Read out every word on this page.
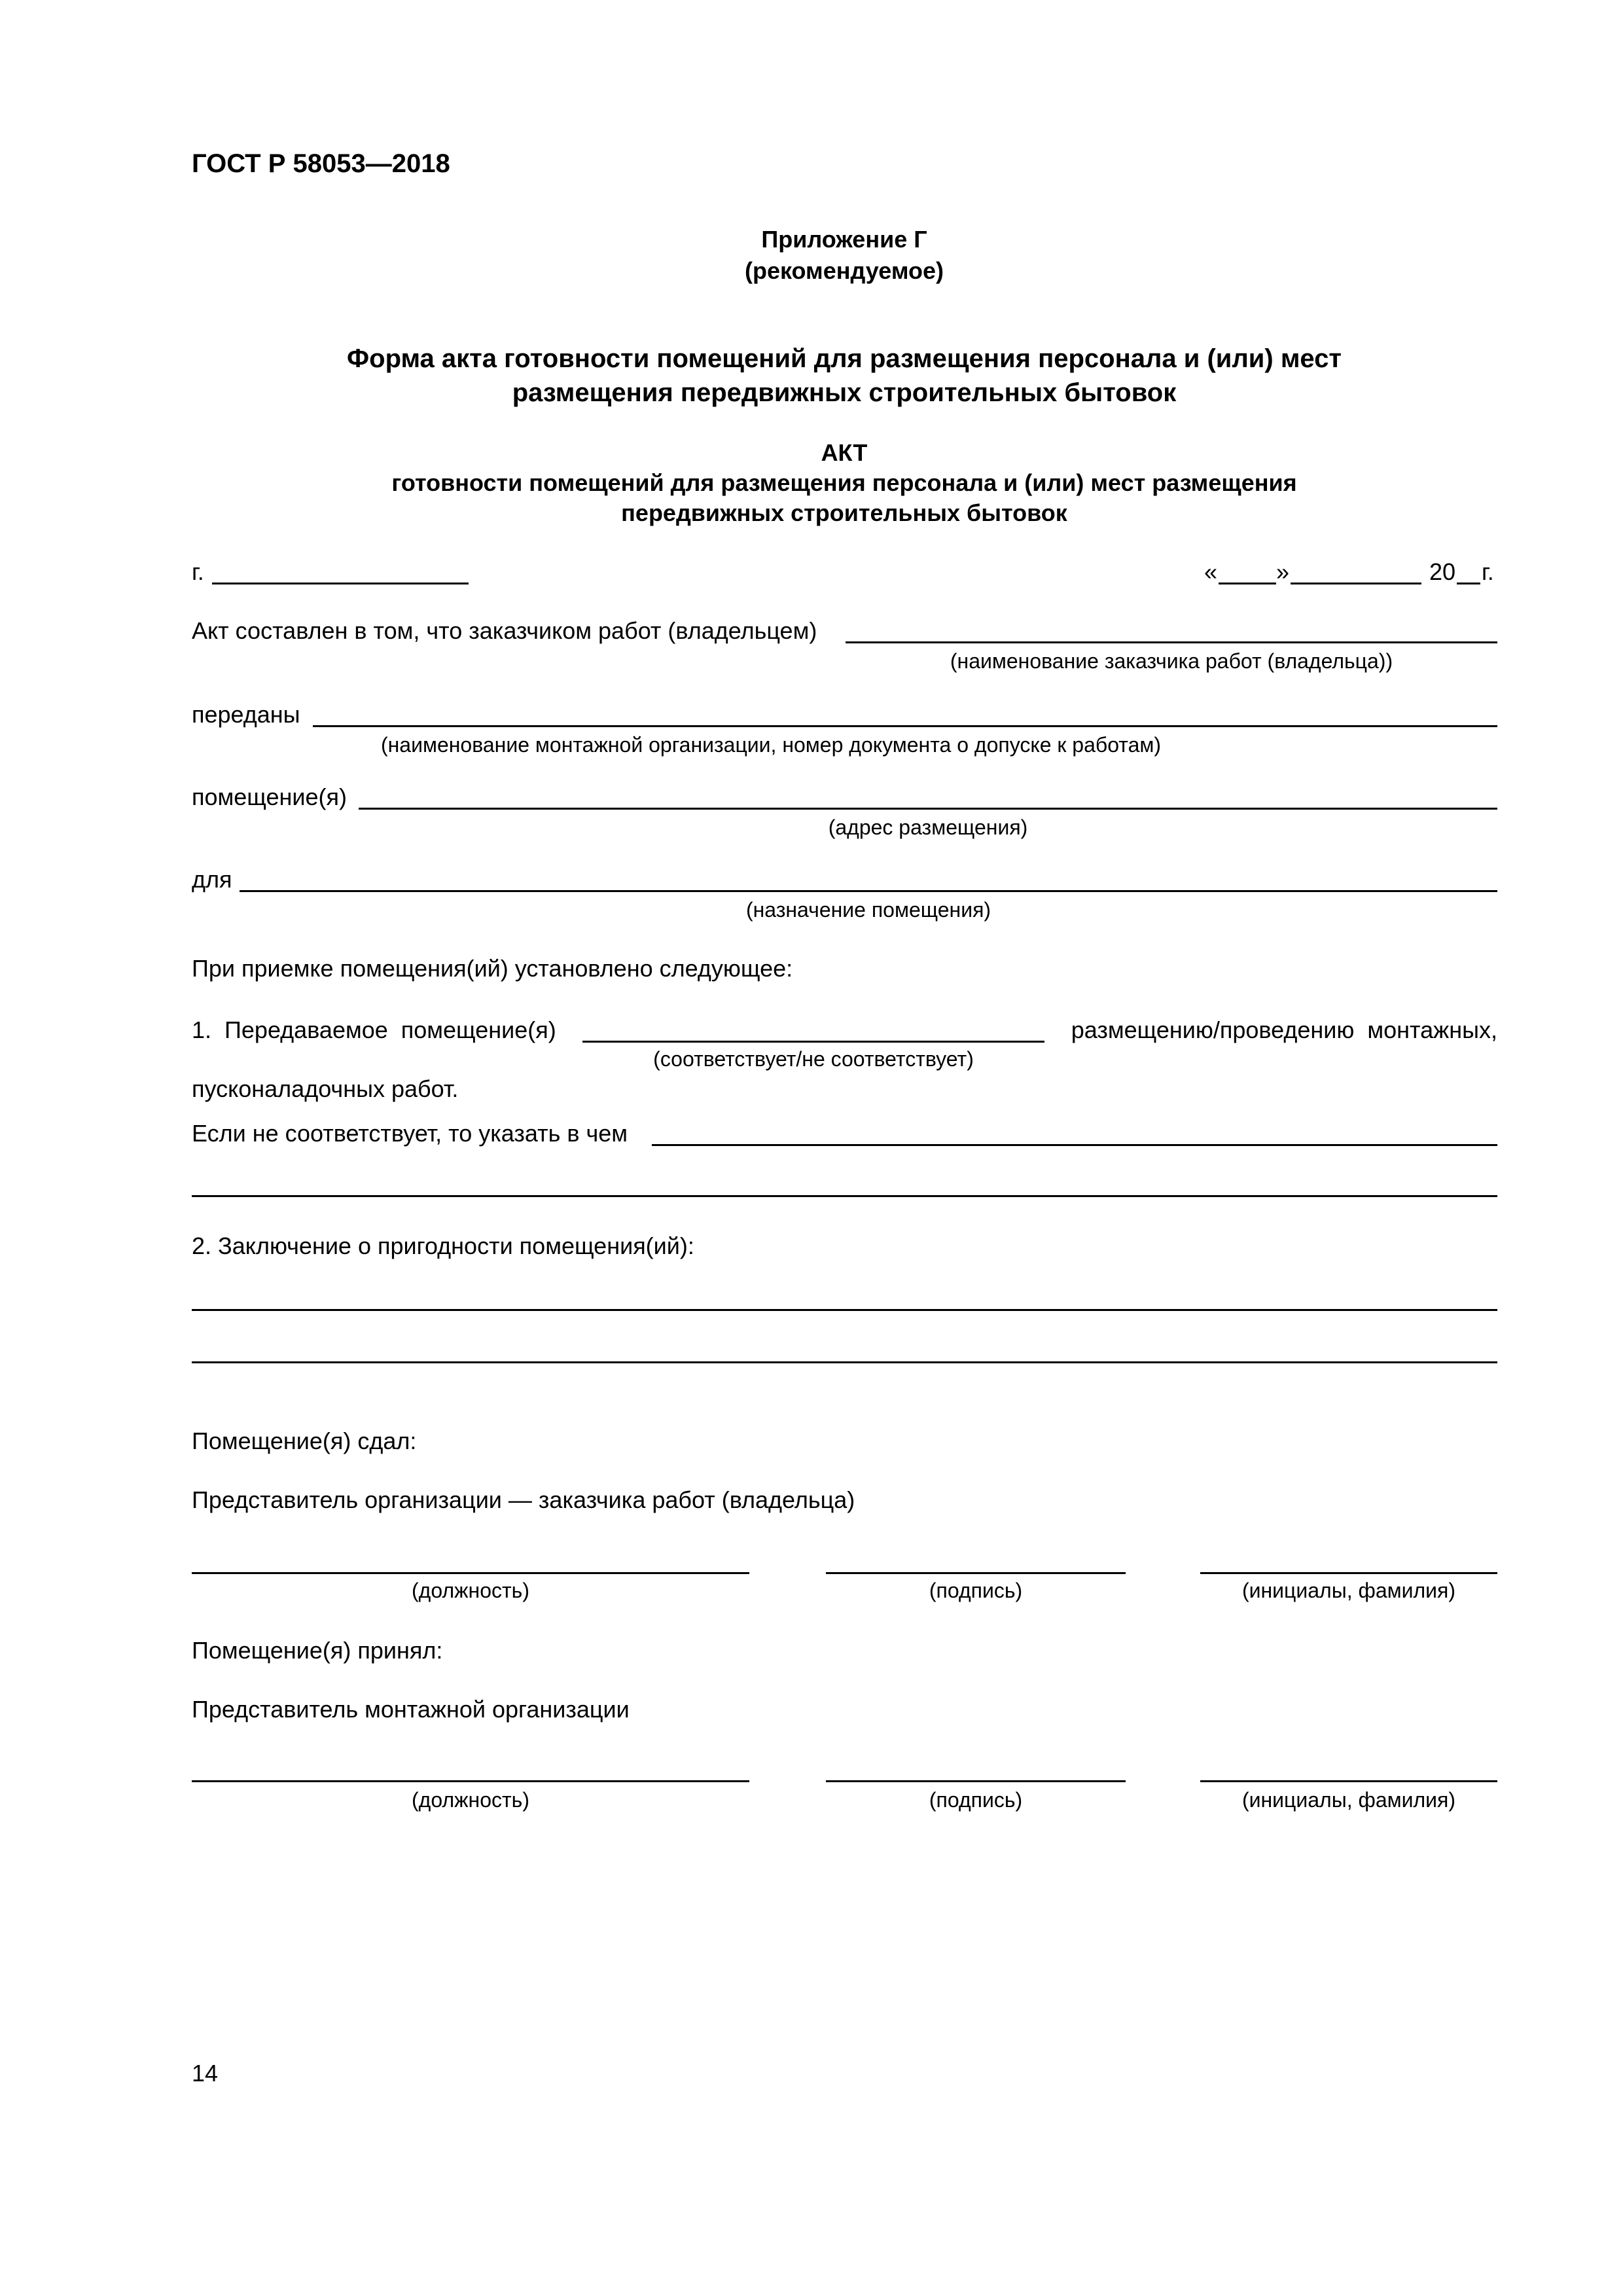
ГОСТ Р 58053—2018
Приложение Г
(рекомендуемое)
Форма акта готовности помещений для размещения персонала и (или) мест
размещения передвижных строительных бытовок
АКТ
готовности помещений для размещения персонала и (или) мест размещения
передвижных строительных бытовок
г.	« »	20 г.
Акт составлен в том, что заказчиком работ (владельцем)
(наименование заказчика работ (владельца))
переданы
(наименование монтажной организации, номер документа о допуске к работам)
помещение(я)
(адрес размещения)
для
(назначение помещения)
При приемке помещения(ий) установлено следующее:
1.  Передаваемое  помещение(я)	размещению/проведению  монтажных,
(соответствует/не соответствует)
пусконаладочных работ.
Если не соответствует, то указать в чем
2. Заключение о пригодности помещения(ий):
Помещение(я) сдал:
Представитель организации — заказчика работ (владельца)
(должность)	(подпись)	(инициалы, фамилия)
Помещение(я) принял:
Представитель монтажной организации
(должность)	(подпись)	(инициалы, фамилия)
14
